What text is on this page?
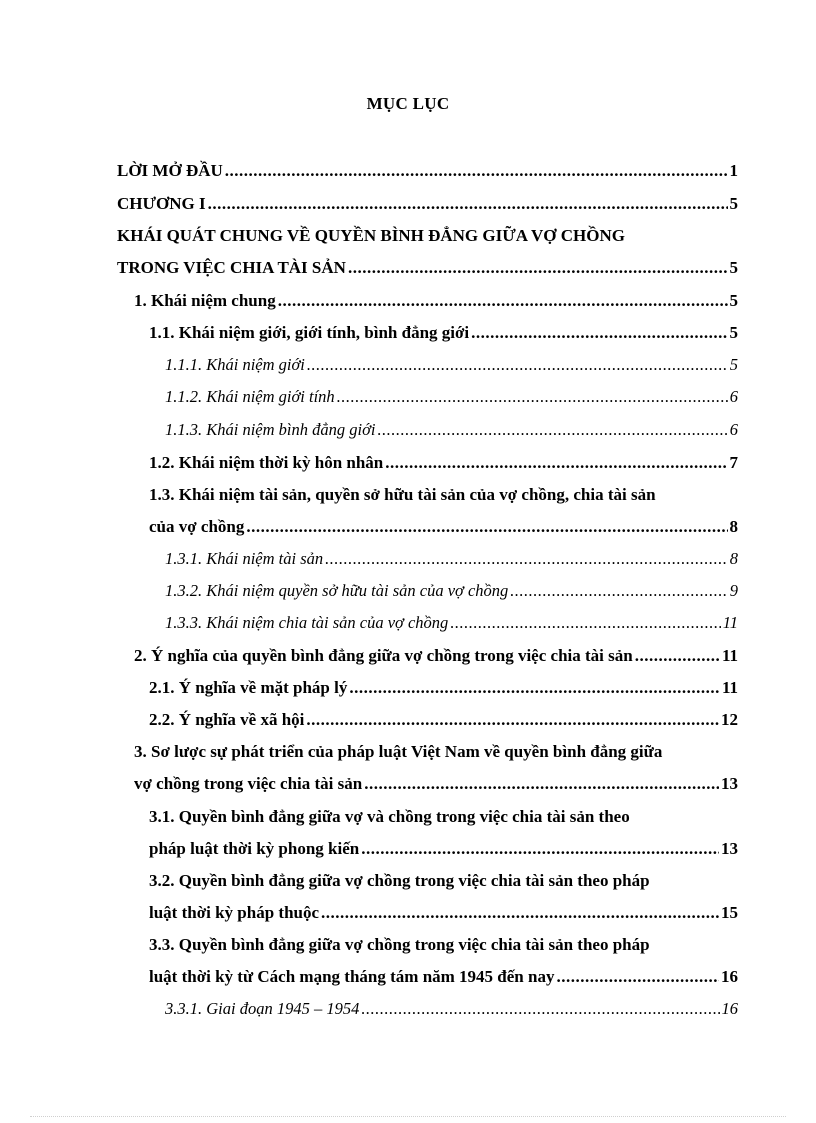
MỤC LỤC
LỜI MỞ ĐẦU .....	1
CHƯƠNG I .....	5
KHÁI QUÁT CHUNG VỀ QUYỀN BÌNH ĐẲNG GIỮA VỢ CHỒNG
TRONG VIỆC CHIA TÀI SẢN .....	5
1. Khái niệm chung .....	5
1.1. Khái niệm giới, giới tính, bình đẳng giới .....	5
1.1.1. Khái niệm giới .....	5
1.1.2. Khái niệm giới tính .....	6
1.1.3. Khái niệm bình đẳng giới .....	6
1.2. Khái niệm thời kỳ hôn nhân .....	7
1.3. Khái niệm tài sản, quyền sở hữu tài sản của vợ chồng, chia tài sản
của vợ chồng .....	8
1.3.1. Khái niệm tài sản .....	8
1.3.2. Khái niệm quyền sở hữu tài sản của vợ chồng .....	9
1.3.3. Khái niệm chia tài sản của vợ chồng .....	11
2. Ý nghĩa của quyền bình đẳng giữa vợ chồng trong việc chia tài sản .....	11
2.1. Ý nghĩa về mặt pháp lý .....	11
2.2. Ý nghĩa về xã hội .....	12
3. Sơ lược sự phát triển của pháp luật Việt Nam về quyền bình đẳng giữa
vợ chồng trong việc chia tài sản .....	13
3.1. Quyền bình đẳng giữa vợ và chồng trong việc chia tài sản theo
pháp luật thời kỳ phong kiến .....	13
3.2. Quyền bình đẳng giữa vợ chồng trong việc chia tài sản theo pháp
luật thời kỳ pháp thuộc .....	15
3.3. Quyền bình đẳng giữa vợ chồng trong việc chia tài sản theo pháp
luật thời kỳ từ Cách mạng tháng tám năm 1945 đến nay .....	16
3.3.1. Giai đoạn 1945 – 1954 .....	16
